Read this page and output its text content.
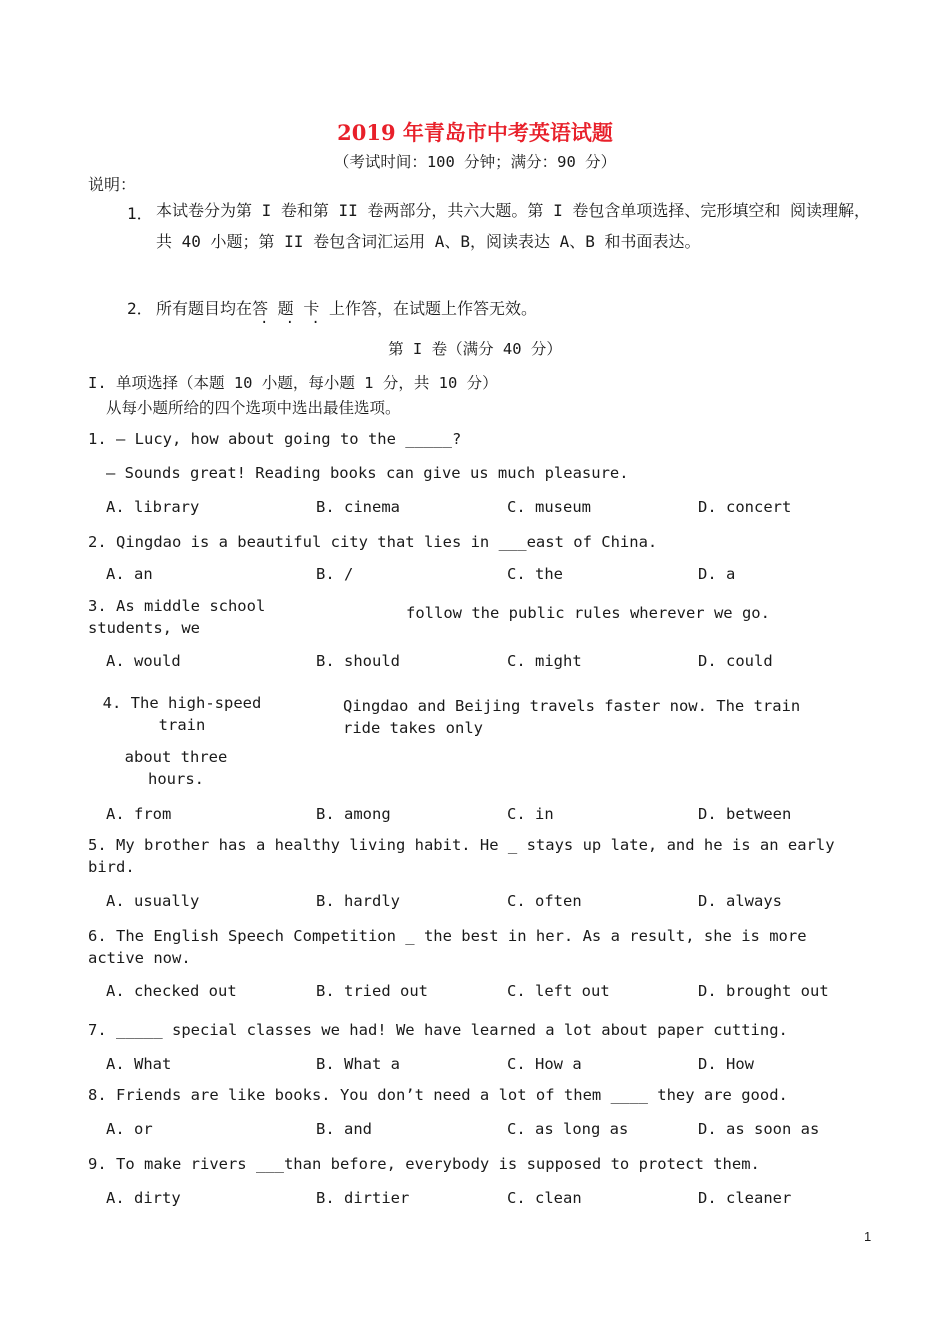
2019 年青岛市中考英语试题
（考试时间：100 分钟；满分：90 分）
说明：
1． 本试卷分为第 I 卷和第 II 卷两部分，共六大题。第 I 卷包含单项选择、完形填空和 阅读理解，共 40 小题；第 II 卷包含词汇运用 A、B，阅读表达 A、B 和书面表达。
2． 所有题目均在答 题 卡 上作答，在试题上作答无效。
第 I 卷（满分 40 分）
I. 单项选择（本题 10 小题，每小题 1 分，共 10 分）
从每小题所给的四个选项中选出最佳选项。
1. — Lucy, how about going to the _____?
— Sounds great! Reading books can give us much pleasure.
A. library	B. cinema	C. museum	D. concert
2. Qingdao is a beautiful city that lies in ___east of China.
A. an	B. /	C. the	D. a
3. As middle school students, we
follow the public rules wherever we go.
A. would	B. should	C. might	D. could
4. The high-speed train
Qingdao and Beijing travels faster now. The train ride takes only
about three hours.
A. from	B. among	C. in	D. between
5. My brother has a healthy living habit. He _ stays up late, and he is an early bird.
A. usually	B. hardly	C. often	D. always
6. The English Speech Competition _ the best in her. As a result, she is more active now.
A. checked out	B. tried out	C. left out	D. brought out
7. _____ special classes we had! We have learned a lot about paper cutting.
A. What	B. What a	C. How a	D. How
8. Friends are like books. You don’t need a lot of them ____ they are good.
A. or	B. and	C. as long as	D. as soon as
9. To make rivers ___than before, everybody is supposed to protect them.
A. dirty	B. dirtier	C. clean	D. cleaner
1
